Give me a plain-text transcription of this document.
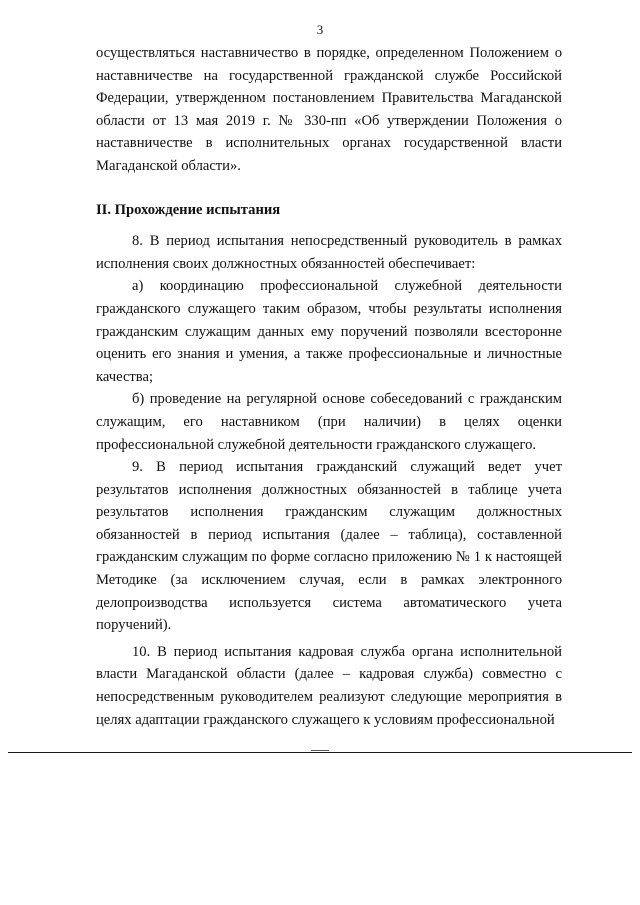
3

осуществляться наставничество в порядке, определенном Положением о наставничестве на государственной гражданской службе Российской Федерации, утвержденном постановлением Правительства Магаданской области от 13 мая 2019 г. № 330-пп «Об утверждении Положения о наставничестве в исполнительных органах государственной власти Магаданской области».

II. Прохождение испытания

8. В период испытания непосредственный руководитель в рамках исполнения своих должностных обязанностей обеспечивает:

а) координацию профессиональной служебной деятельности гражданского служащего таким образом, чтобы результаты исполнения гражданским служащим данных ему поручений позволяли всесторонне оценить его знания и умения, а также профессиональные и личностные качества;

б) проведение на регулярной основе собеседований с гражданским служащим, его наставником (при наличии) в целях оценки профессиональной служебной деятельности гражданского служащего.

9. В период испытания гражданский служащий ведет учет результатов исполнения должностных обязанностей в таблице учета результатов исполнения гражданским служащим должностных обязанностей в период испытания (далее – таблица), составленной гражданским служащим по форме согласно приложению № 1 к настоящей Методике (за исключением случая, если в рамках электронного делопроизводства используется система автоматического учета поручений).

10. В период испытания кадровая служба органа исполнительной власти Магаданской области (далее – кадровая служба) совместно с непосредственным руководителем реализуют следующие мероприятия в целях адаптации гражданского служащего к условиям профессиональной
